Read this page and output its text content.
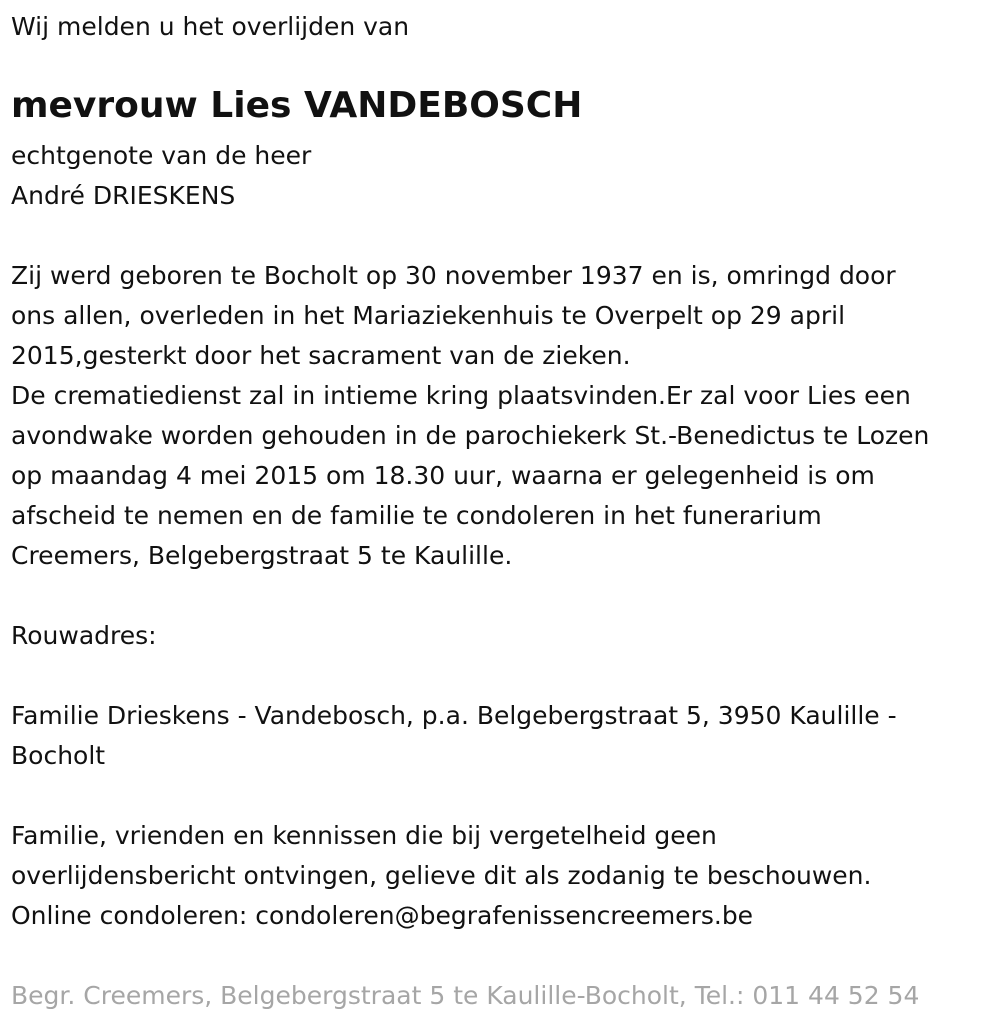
Wij melden u het overlijden van
mevrouw Lies VANDEBOSCH
echtgenote van de heer
André DRIESKENS
Zij werd geboren te Bocholt op 30 november 1937 en is, omringd door
ons allen, overleden in het Mariaziekenhuis te Overpelt op 29 april
2015,gesterkt door het sacrament van de zieken.
De crematiedienst zal in intieme kring plaatsvinden.Er zal voor Lies een
avondwake worden gehouden in de parochiekerk St.-Benedictus te Lozen
op maandag 4 mei 2015 om 18.30 uur, waarna er gelegenheid is om
afscheid te nemen en de familie te condoleren in het funerarium
Creemers, Belgebergstraat 5 te Kaulille.
Rouwadres:
Familie Drieskens - Vandebosch, p.a. Belgebergstraat 5, 3950 Kaulille -
Bocholt
Familie, vrienden en kennissen die bij vergetelheid geen
overlijdensbericht ontvingen, gelieve dit als zodanig te beschouwen.
Online condoleren: condoleren@begrafenissencreemers.be
Begr. Creemers, Belgebergstraat 5 te Kaulille-Bocholt, Tel.: 011 44 52 54
